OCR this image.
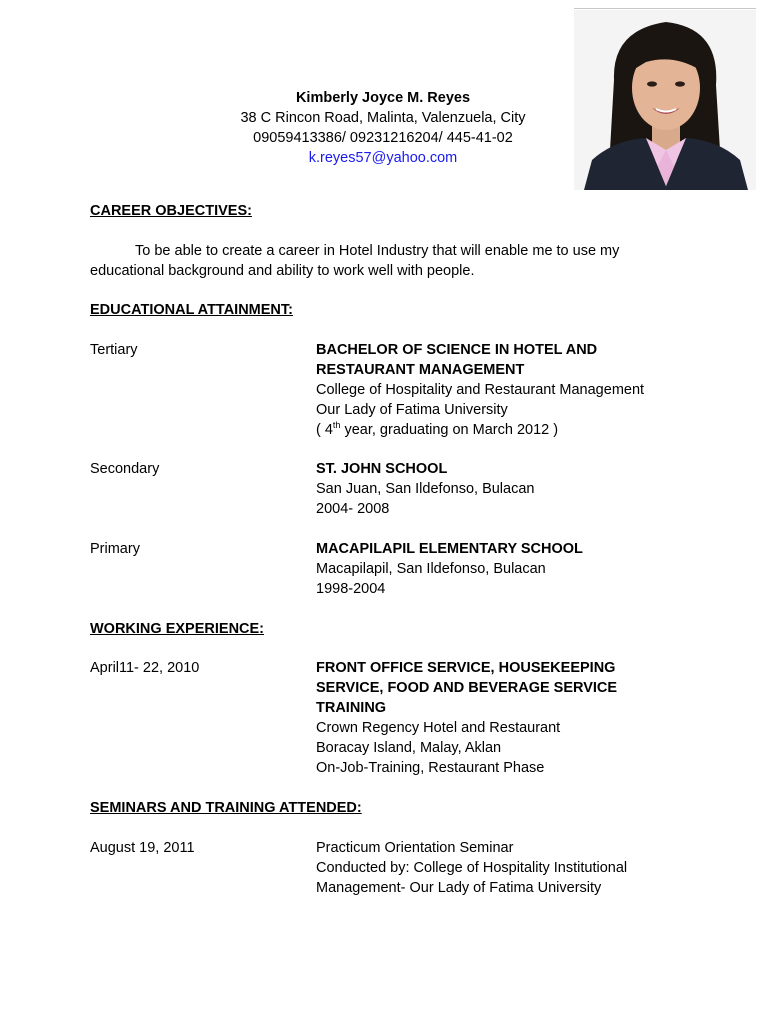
Kimberly Joyce M. Reyes
38 C Rincon Road, Malinta, Valenzuela, City
09059413386/ 09231216204/ 445-41-02
k.reyes57@yahoo.com
CAREER OBJECTIVES:
To be able to create a career in Hotel Industry that will enable me to use my
educational background and ability to work well with people.
EDUCATIONAL ATTAINMENT:
Tertiary	BACHELOR OF SCIENCE IN HOTEL AND
RESTAURANT MANAGEMENT
College of Hospitality and Restaurant Management
Our Lady of Fatima University
( 4th year, graduating on March 2012 )
Secondary	ST. JOHN SCHOOL
San Juan, San Ildefonso, Bulacan
2004- 2008
Primary	MACAPILAPIL ELEMENTARY SCHOOL
Macapilapil, San Ildefonso, Bulacan
1998-2004
WORKING EXPERIENCE:
April11- 22, 2010	FRONT OFFICE SERVICE, HOUSEKEEPING
SERVICE, FOOD AND BEVERAGE SERVICE
TRAINING
Crown Regency Hotel and Restaurant
Boracay Island, Malay, Aklan
On-Job-Training, Restaurant Phase
SEMINARS AND TRAINING ATTENDED:
August 19, 2011	Practicum Orientation Seminar
Conducted by: College of Hospitality Institutional
Management- Our Lady of Fatima University
